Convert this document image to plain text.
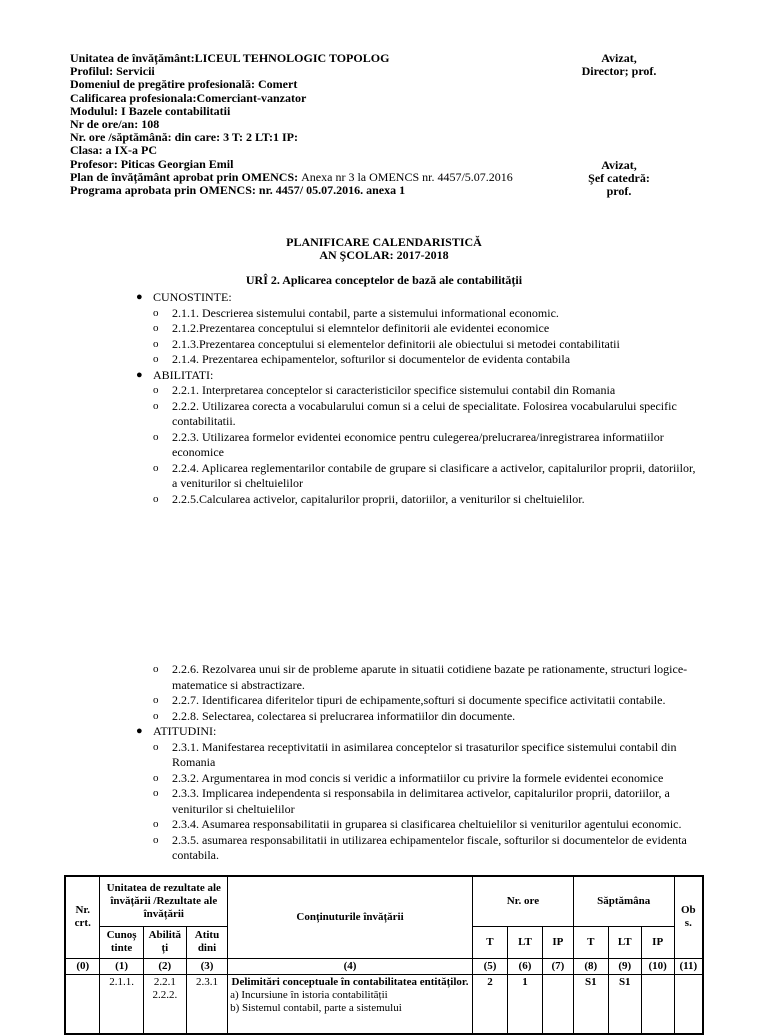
Unitatea de învățământ:LICEUL TEHNOLOGIC TOPOLOG
Profilul: Servicii
Domeniul de pregătire profesională: Comert
Calificarea profesionala:Comerciant-vanzator
Modulul: I Bazele contabilitatii
Nr de ore/an: 108
Nr. ore /săptămână: din care: 3 T: 2 LT:1 IP:
Clasa: a IX-a PC
Profesor: Piticas Georgian Emil
Plan de învățământ aprobat prin OMENCS: Anexa nr 3 la OMENCS nr. 4457/5.07.2016
Programa aprobata prin OMENCS: nr. 4457/ 05.07.2016. anexa 1
Avizat,
Director; prof.
Avizat,
Şef catedră: prof.
PLANIFICARE CALENDARISTICĂ
AN ŞCOLAR: 2017-2018
URÎ 2. Aplicarea conceptelor de bază ale contabilității
● CUNOSTINTE:
o 2.1.1. Descrierea sistemului contabil, parte a sistemului informational economic.
o 2.1.2.Prezentarea conceptului si elemntelor definitorii ale evidentei economice
o 2.1.3.Prezentarea conceptului si elementelor definitorii ale obiectului si metodei contabilitatii
o 2.1.4. Prezentarea echipamentelor, softurilor si documentelor de evidenta contabila
● ABILITATI:
o 2.2.1. Interpretarea conceptelor si caracteristicilor specifice sistemului contabil din Romania
o 2.2.2. Utilizarea corecta a vocabularului comun si a celui de specialitate. Folosirea vocabularului specific contabilitatii.
o 2.2.3. Utilizarea formelor evidentei economice pentru culegerea/prelucrarea/inregistrarea informatiilor economice
o 2.2.4. Aplicarea reglementarilor contabile de grupare si clasificare a activelor, capitalurilor proprii, datoriilor, a veniturilor si cheltuielilor
o 2.2.5.Calcularea activelor, capitalurilor proprii, datoriilor, a veniturilor si cheltuielilor.
o 2.2.6. Rezolvarea unui sir de probleme aparute in situatii cotidiene bazate pe rationamente, structuri logice-matematice si abstractizare.
o 2.2.7. Identificarea diferitelor tipuri de echipamente,softuri si documente specifice activitatii contabile.
o 2.2.8. Selectarea, colectarea si prelucrarea informatiilor din documente.
● ATITUDINI:
o 2.3.1. Manifestarea receptivitatii in asimilarea conceptelor si trasaturilor specifice sistemului contabil din Romania
o 2.3.2. Argumentarea in mod concis si veridic a informatiilor cu privire la formele evidentei economice
o 2.3.3. Implicarea independenta si responsabila in delimitarea activelor, capitalurilor proprii, datoriilor, a veniturilor si cheltuielilor
o 2.3.4. Asumarea responsabilitatii in gruparea si clasificarea cheltuielilor si veniturilor agentului economic.
o 2.3.5. asumarea responsabilitatii in utilizarea echipamentelor fiscale, softurilor si documentelor de evidenta contabila.
Nr. crt.	Unitatea de rezultate ale învățării /Rezultate ale învățării			Conținuturile învățării	Nr. ore			Săptămâna			Ob s.
	Cunoș tinte	Abilită ți	Atitu dini		T	LT	IP	T	LT	IP	
(0)	(1)	(2)	(3)	(4)	(5)	(6)	(7)	(8)	(9)	(10)	(11)
	2.1.1.	2.2.1 2.2.2.	2.3.1	Delimitări conceptuale în contabilitatea entităților.
a) Incursiune în istoria contabilității
b) Sistemul contabil, parte a sistemului	2	1		S1	S1		
